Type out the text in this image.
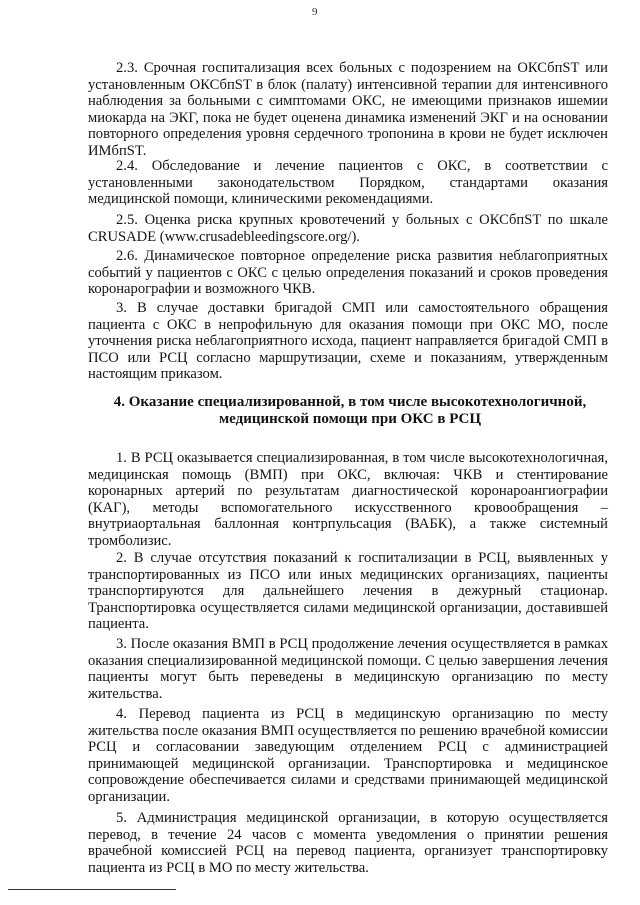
9

2.3. Срочная госпитализация всех больных с подозрением на ОКСбпST или установленным ОКСбпST в блок (палату) интенсивной терапии для интенсивного наблюдения за больными с симптомами ОКС, не имеющими признаков ишемии миокарда на ЭКГ, пока не будет оценена динамика изменений ЭКГ и на основании повторного определения уровня сердечного тропонина в крови не будет исключен ИМбпST.

2.4. Обследование и лечение пациентов с ОКС, в соответствии с установленными законодательством Порядком, стандартами оказания медицинской помощи, клиническими рекомендациями.

2.5. Оценка риска крупных кровотечений у больных с ОКСбпST по шкале CRUSADE (www.crusadebleedingscore.org/).

2.6. Динамическое повторное определение риска развития неблагоприятных событий у пациентов с ОКС с целью определения показаний и сроков проведения коронарографии и возможного ЧКВ.

3. В случае доставки бригадой СМП или самостоятельного обращения пациента с ОКС в непрофильную для оказания помощи при ОКС МО, после уточнения риска неблагоприятного исхода, пациент направляется бригадой СМП в ПСО или РСЦ согласно маршрутизации, схеме и показаниям, утвержденным настоящим приказом.

4. Оказание специализированной, в том числе высокотехнологичной, медицинской помощи при ОКС в РСЦ

1. В РСЦ оказывается специализированная, в том числе высокотехнологичная, медицинская помощь (ВМП) при ОКС, включая: ЧКВ и стентирование коронарных артерий по результатам диагностической коронароангиографии (КАГ), методы вспомогательного искусственного кровообращения – внутриаортальная баллонная контрпульсация (ВАБК), а также системный тромболизис.

2. В случае отсутствия показаний к госпитализации в РСЦ, выявленных у транспортированных из ПСО или иных медицинских организациях, пациенты транспортируются для дальнейшего лечения в дежурный стационар. Транспортировка осуществляется силами медицинской организации, доставившей пациента.

3. После оказания ВМП в РСЦ продолжение лечения осуществляется в рамках оказания специализированной медицинской помощи. С целью завершения лечения пациенты могут быть переведены в медицинскую организацию по месту жительства.

4. Перевод пациента из РСЦ в медицинскую организацию по месту жительства после оказания ВМП осуществляется по решению врачебной комиссии РСЦ и согласовании заведующим отделением РСЦ с администрацией принимающей медицинской организации. Транспортировка и медицинское сопровождение обеспечивается силами и средствами принимающей медицинской организации.

5. Администрация медицинской организации, в которую осуществляется перевод, в течение 24 часов с момента уведомления о принятии решения врачебной комиссией РСЦ на перевод пациента, организует транспортировку пациента из РСЦ в МО по месту жительства.
